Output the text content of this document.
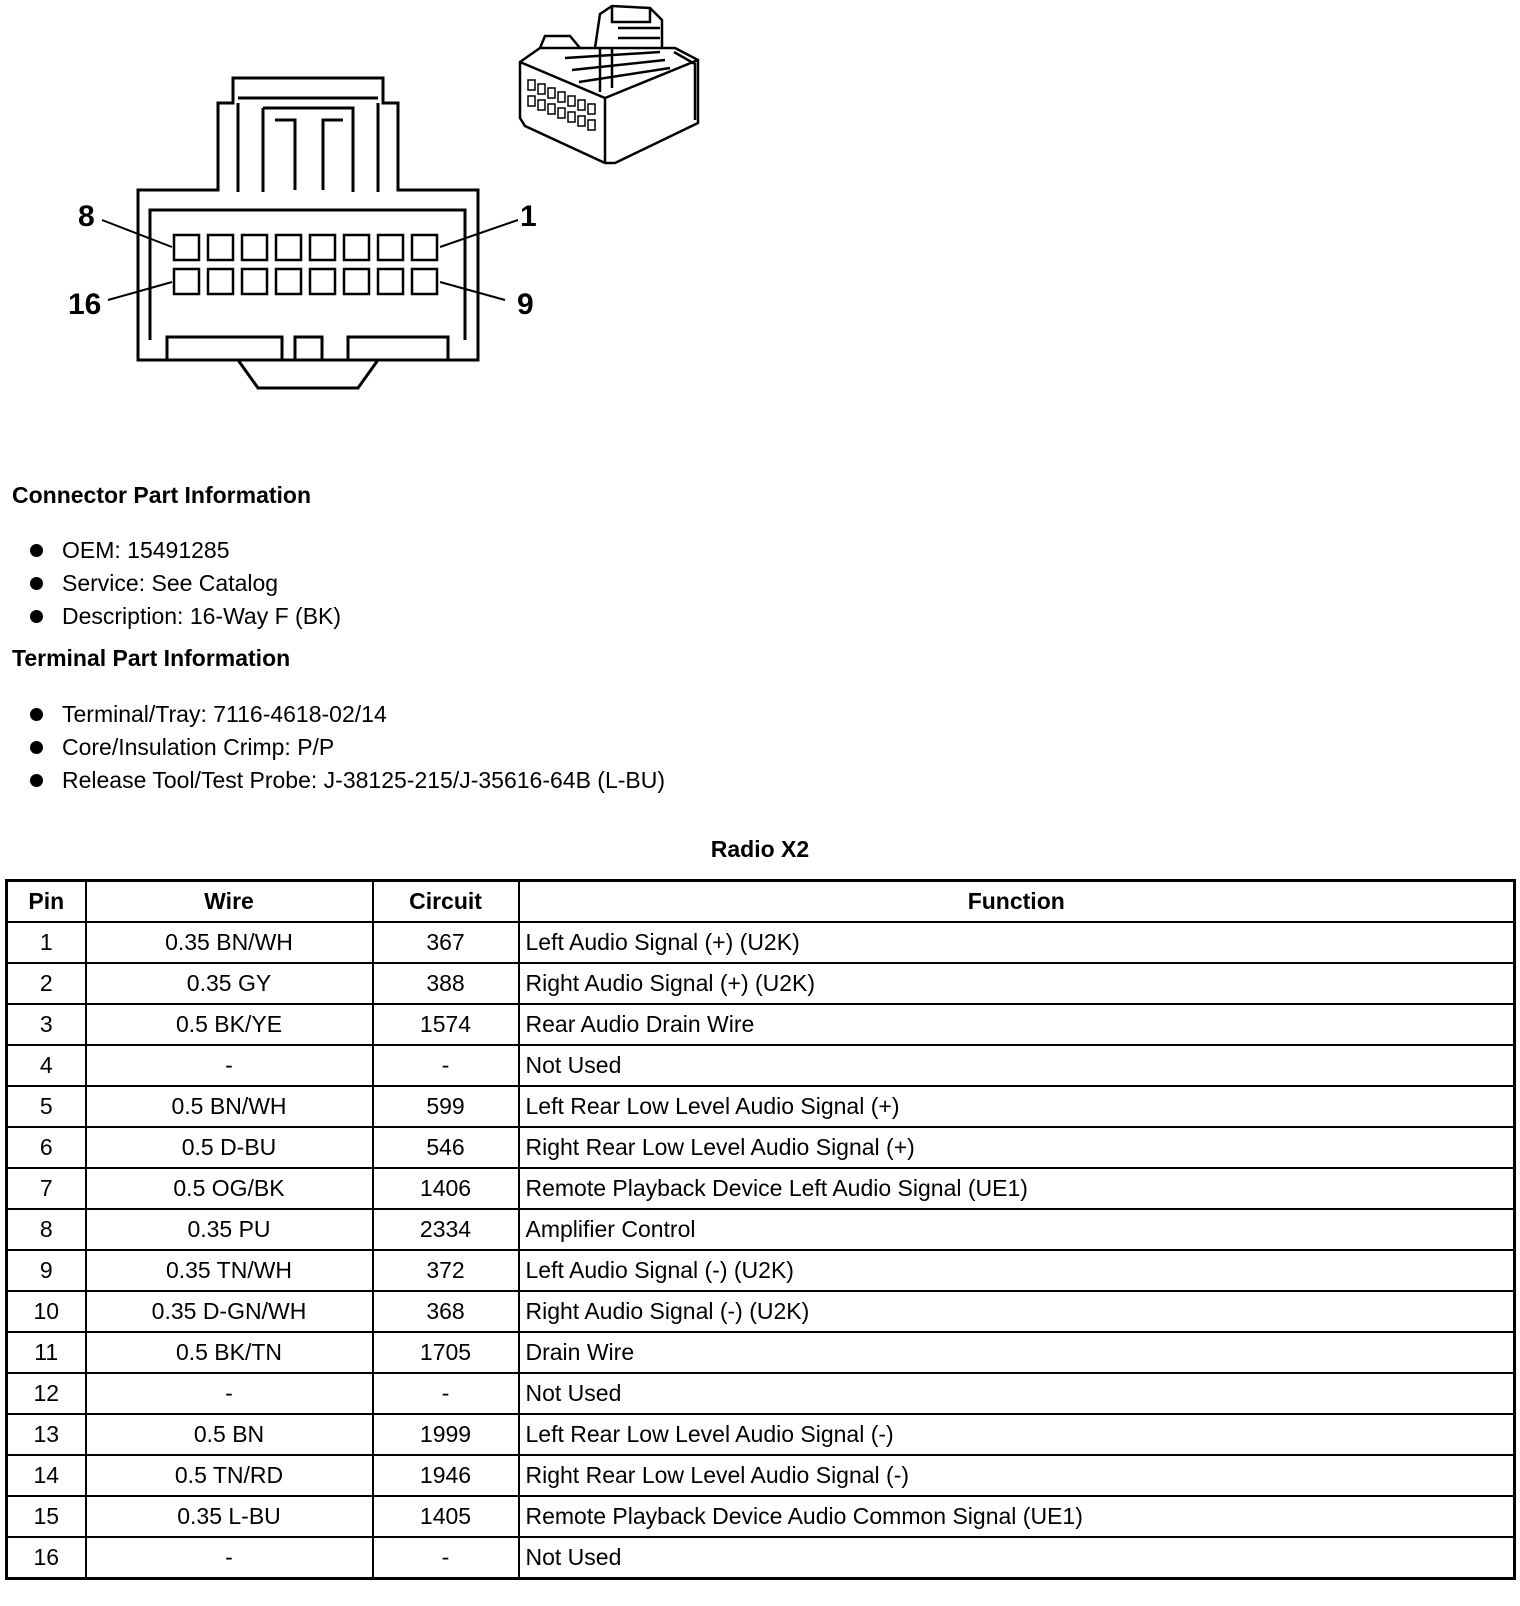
8	1
16	9
Connector Part Information
OEM: 15491285
Service: See Catalog
Description: 16-Way F (BK)
Terminal Part Information
Terminal/Tray: 7116-4618-02/14
Core/Insulation Crimp: P/P
Release Tool/Test Probe: J-38125-215/J-35616-64B (L-BU)
Radio X2
Pin	Wire	Circuit	Function
1	0.35 BN/WH	367	Left Audio Signal (+) (U2K)
2	0.35 GY	388	Right Audio Signal (+) (U2K)
3	0.5 BK/YE	1574	Rear Audio Drain Wire
4	-	-	Not Used
5	0.5 BN/WH	599	Left Rear Low Level Audio Signal (+)
6	0.5 D-BU	546	Right Rear Low Level Audio Signal (+)
7	0.5 OG/BK	1406	Remote Playback Device Left Audio Signal (UE1)
8	0.35 PU	2334	Amplifier Control
9	0.35 TN/WH	372	Left Audio Signal (-) (U2K)
10	0.35 D-GN/WH	368	Right Audio Signal (-) (U2K)
11	0.5 BK/TN	1705	Drain Wire
12	-	-	Not Used
13	0.5 BN	1999	Left Rear Low Level Audio Signal (-)
14	0.5 TN/RD	1946	Right Rear Low Level Audio Signal (-)
15	0.35 L-BU	1405	Remote Playback Device Audio Common Signal (UE1)
16	-	-	Not Used
